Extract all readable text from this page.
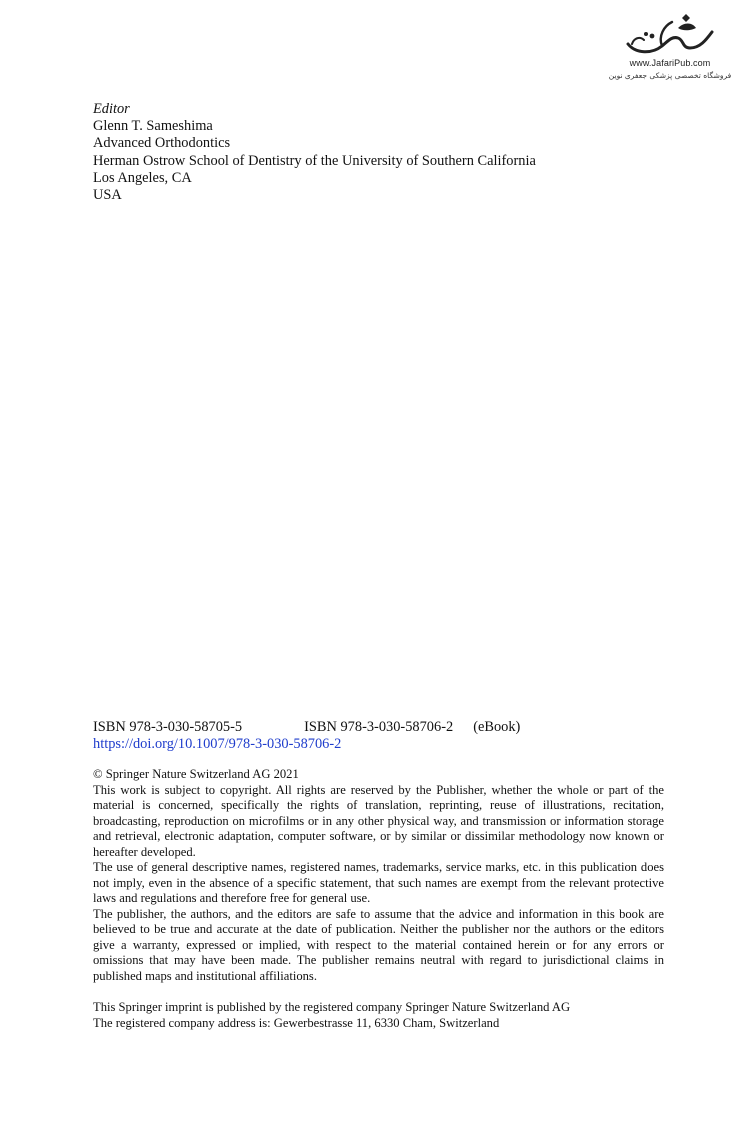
www.JafariPub.com
فروشگاه تخصصی پزشکی جعفری نوین
Editor
Glenn T. Sameshima
Advanced Orthodontics
Herman Ostrow School of Dentistry of the University of Southern California
Los Angeles, CA
USA
ISBN 978-3-030-58705-5	ISBN 978-3-030-58706-2 (eBook)
https://doi.org/10.1007/978-3-030-58706-2

© Springer Nature Switzerland AG 2021

This work is subject to copyright. All rights are reserved by the Publisher, whether the whole or part of the material is concerned, specifically the rights of translation, reprinting, reuse of illustrations, recitation, broadcasting, reproduction on microfilms or in any other physical way, and transmission or information storage and retrieval, electronic adaptation, computer software, or by similar or dissimilar methodology now known or hereafter developed.

The use of general descriptive names, registered names, trademarks, service marks, etc. in this publication does not imply, even in the absence of a specific statement, that such names are exempt from the relevant protective laws and regulations and therefore free for general use.

The publisher, the authors, and the editors are safe to assume that the advice and information in this book are believed to be true and accurate at the date of publication. Neither the publisher nor the authors or the editors give a warranty, expressed or implied, with respect to the material contained herein or for any errors or omissions that may have been made. The publisher remains neutral with regard to jurisdictional claims in published maps and institutional affiliations.

This Springer imprint is published by the registered company Springer Nature Switzerland AG

The registered company address is: Gewerbestrasse 11, 6330 Cham, Switzerland
